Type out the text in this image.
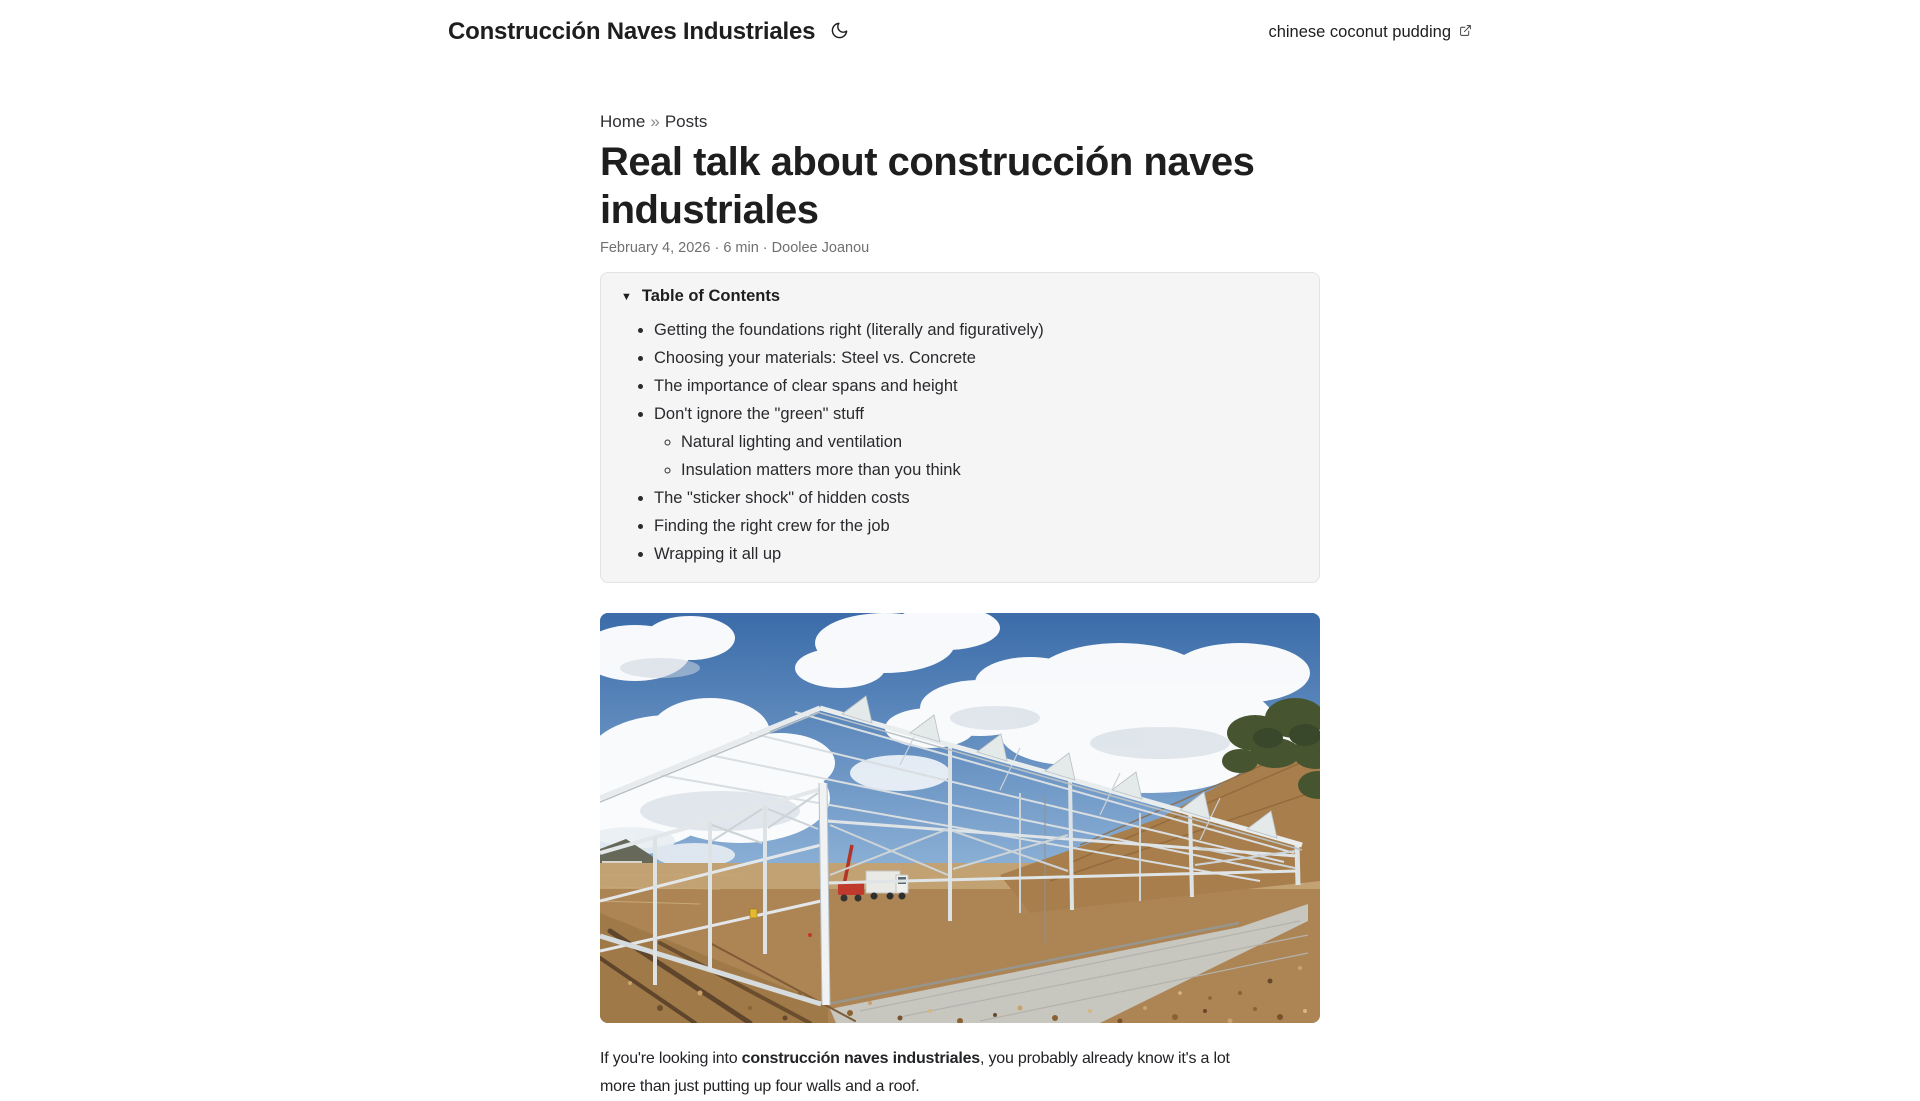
Construcción Naves Industriales	chinese coconut pudding
Home » Posts
Real talk about construcción naves
industriales
February 4, 2026 · 6 min · Doolee Joanou
▼ Table of Contents
• Getting the foundations right (literally and figuratively)
• Choosing your materials: Steel vs. Concrete
• The importance of clear spans and height
• Don't ignore the "green" stuff
◦ Natural lighting and ventilation
◦ Insulation matters more than you think
• The "sticker shock" of hidden costs
• Finding the right crew for the job
• Wrapping it all up

If you're looking into construcción naves industriales, you probably already know it's a lot
more than just putting up four walls and a roof.
